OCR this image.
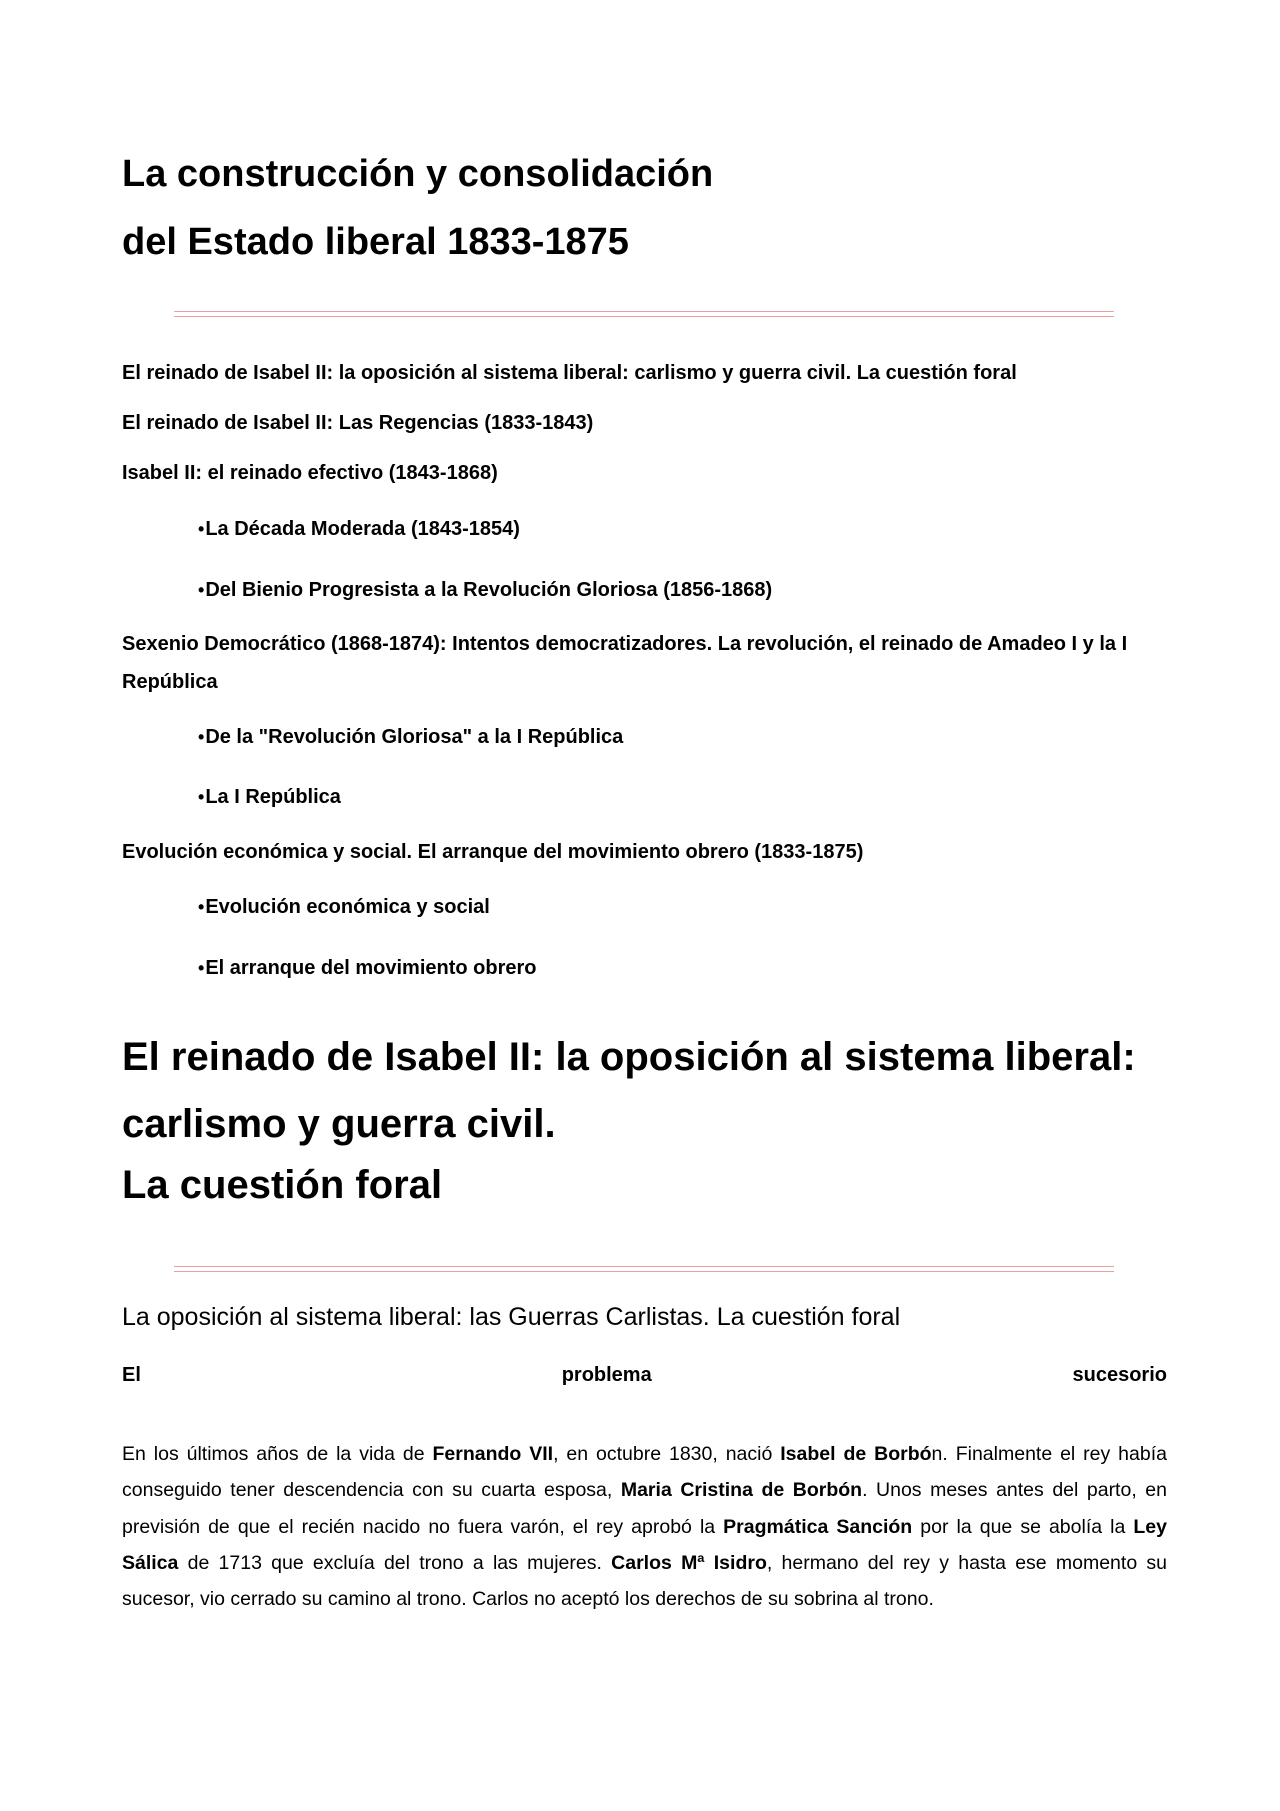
La construcción y consolidación
del Estado liberal 1833-1875
El reinado de Isabel II: la oposición al sistema liberal: carlismo y guerra civil. La cuestión foral
El reinado de Isabel II: Las Regencias (1833-1843)
Isabel II: el reinado efectivo (1843-1868)
•La Década Moderada (1843-1854)
•Del Bienio Progresista a la Revolución Gloriosa (1856-1868)
Sexenio Democrático (1868-1874): Intentos democratizadores. La revolución, el reinado de Amadeo I y la I República
•De la "Revolución Gloriosa" a la I República
•La I República
Evolución económica y social. El arranque del movimiento obrero (1833-1875)
•Evolución económica y social
•El arranque del movimiento obrero
El reinado de Isabel II: la oposición al sistema liberal:
carlismo y guerra civil.
La cuestión foral
La oposición al sistema liberal: las Guerras Carlistas. La cuestión foral
El	problema	sucesorio

En los últimos años de la vida de Fernando VII, en octubre 1830, nació Isabel de Borbón. Finalmente el rey había conseguido tener descendencia con su cuarta esposa, Maria Cristina de Borbón. Unos meses antes del parto, en previsión de que el recién nacido no fuera varón, el rey aprobó la Pragmática Sanción por la que se abolía la Ley Sálica de 1713 que excluía del trono a las mujeres. Carlos Mª Isidro, hermano del rey y hasta ese momento su sucesor, vio cerrado su camino al trono. Carlos no aceptó los derechos de su sobrina al trono.
